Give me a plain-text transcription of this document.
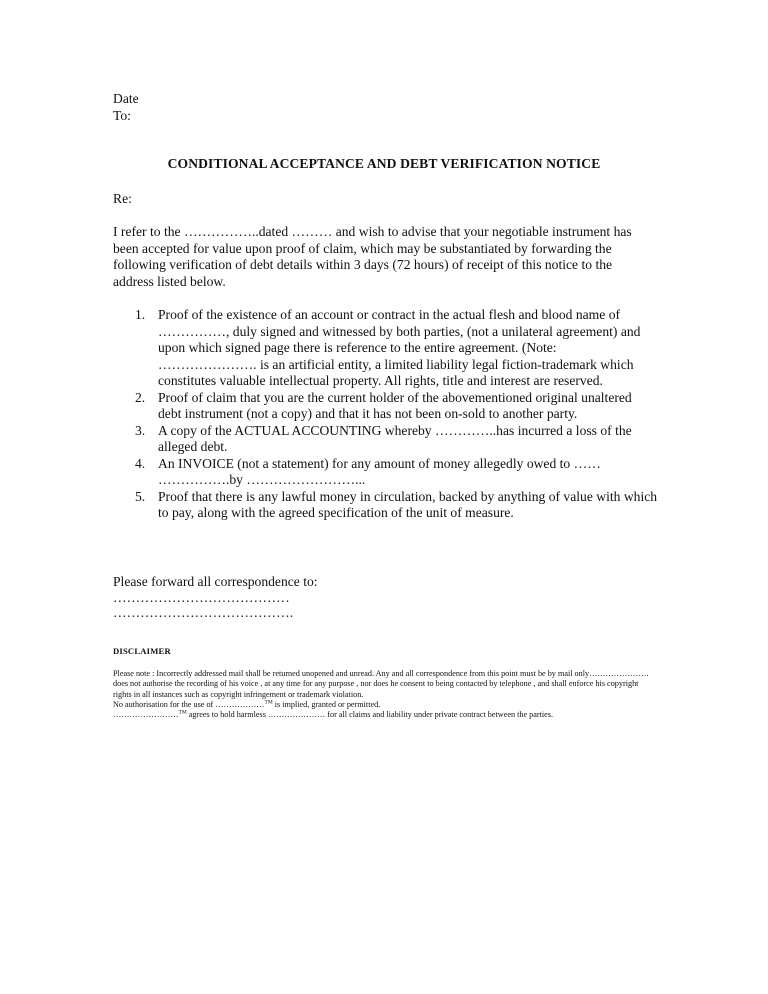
Date

To:

CONDITIONAL ACCEPTANCE AND DEBT VERIFICATION NOTICE

Re:

I refer to the ……………..dated ……… and wish to advise that your negotiable instrument has been accepted for value upon proof of claim, which may be substantiated by forwarding the following verification of debt details within 3 days (72 hours) of receipt of this notice to the address listed below.

1. Proof of the existence of an account or contract in the actual flesh and blood name of ……………, duly signed and witnessed by both parties, (not a unilateral agreement) and upon which signed page there is reference to the entire agreement. (Note: …………………. is an artificial entity, a limited liability legal fiction-trademark which constitutes valuable intellectual property. All rights, title and interest are reserved.
2. Proof of claim that you are the current holder of the abovementioned original unaltered debt instrument (not a copy) and that it has not been on-sold to another party.
3. A copy of the ACTUAL ACCOUNTING whereby …………..has incurred a loss of the alleged debt.
4. An INVOICE (not a statement) for any amount of money allegedly owed to …… …………….by ……………………...
5. Proof that there is any lawful money in circulation, backed by anything of value with which to pay, along with the agreed specification of the unit of measure.

Please forward all correspondence to:

…………………………………

………………………………….

DISCLAIMER

Please note : Incorrectly addressed mail shall be returned unopened and unread. Any and all correspondence from this point must be by mail only…………………. does not authorise the recording of his voice , at any time for any purpose , nor does he consent to being contacted by telephone , and shall enforce his copyright rights in all instances such as copyright infringement or trademark violation.
No authorisation for the use of ………………™ is implied, granted or permitted.
……………………™ agrees to hold harmless ………………… for all claims and liability under private contract between the parties.
